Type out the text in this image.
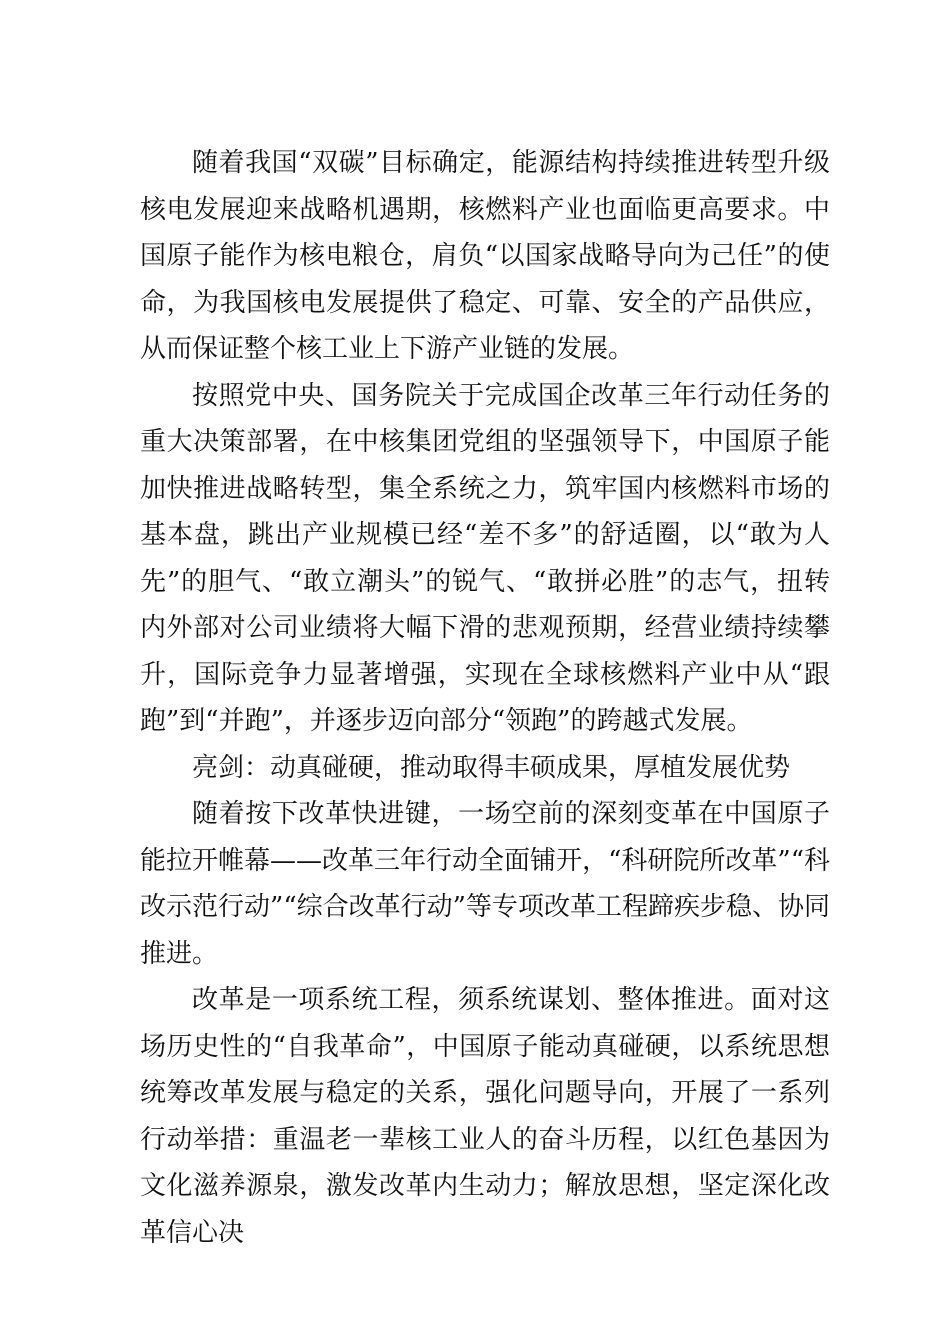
随着我国“双碳”目标确定，能源结构持续推进转型升级核电发展迎来战略机遇期，核燃料产业也面临更高要求。中国原子能作为核电粮仓，肩负“以国家战略导向为己任”的使命，为我国核电发展提供了稳定、可靠、安全的产品供应，从而保证整个核工业上下游产业链的发展。

按照党中央、国务院关于完成国企改革三年行动任务的重大决策部署，在中核集团党组的坚强领导下，中国原子能加快推进战略转型，集全系统之力，筑牢国内核燃料市场的基本盘，跳出产业规模已经“差不多”的舒适圈，以“敢为人先”的胆气、“敢立潮头”的锐气、“敢拼必胜”的志气，扭转内外部对公司业绩将大幅下滑的悲观预期，经营业绩持续攀升，国际竞争力显著增强，实现在全球核燃料产业中从“跟跑”到“并跑”，并逐步迈向部分“领跑”的跨越式发展。

亮剑：动真碰硬，推动取得丰硕成果，厚植发展优势

随着按下改革快进键，一场空前的深刻变革在中国原子能拉开帷幕——改革三年行动全面铺开，“科研院所改革”“科改示范行动”“综合改革行动”等专项改革工程蹄疾步稳、协同推进。

改革是一项系统工程，须系统谋划、整体推进。面对这场历史性的“自我革命”，中国原子能动真碰硬，以系统思想统筹改革发展与稳定的关系，强化问题导向，开展了一系列行动举措：重温老一辈核工业人的奋斗历程，以红色基因为文化滋养源泉，激发改革内生动力；解放思想，坚定深化改革信心决
